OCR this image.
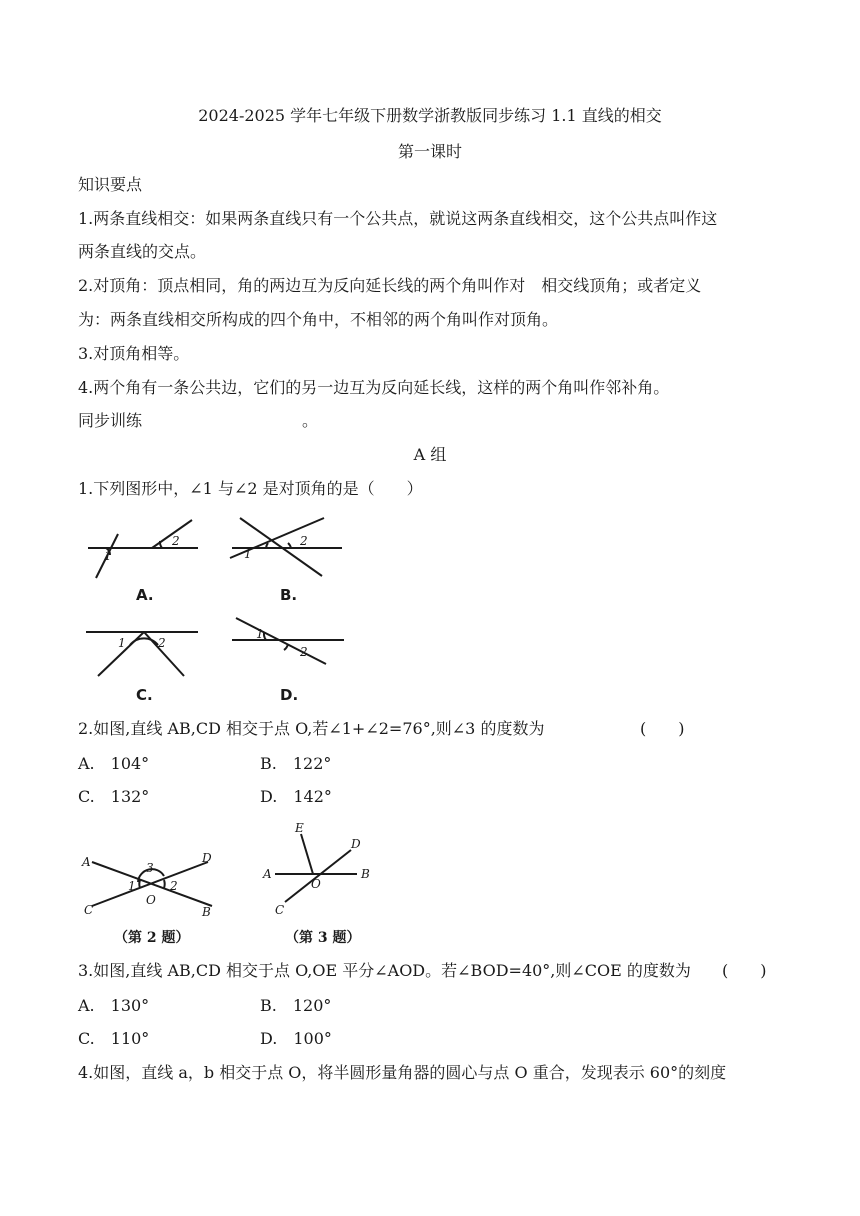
2024-2025 学年七年级下册数学浙教版同步练习 1.1 直线的相交
第一课时
知识要点
1.两条直线相交：如果两条直线只有一个公共点，就说这两条直线相交，这个公共点叫作这
两条直线的交点。
2.对顶角：顶点相同，角的两边互为反向延长线的两个角叫作对　相交线顶角；或者定义
为：两条直线相交所构成的四个角中，不相邻的两个角叫作对顶角。
3.对顶角相等。
4.两个角有一条公共边，它们的另一边互为反向延长线，这样的两个角叫作邻补角。
同步训练	。
A 组
1.下列图形中，∠1 与∠2 是对顶角的是（　　）
1
2
A.
1
2
B.
1	2
C.
1
2
D.
2.如图,直线 AB,CD 相交于点 O,若∠1+∠2=76°,则∠3 的度数为	(　　)
A.　104°	B.　122°
C.　132°	D.　142°
A	D
C	B
O
3
1	2
（第 2 题）
A	B
C
D
E
O
（第 3 题）
3.如图,直线 AB,CD 相交于点 O,OE 平分∠AOD。若∠BOD=40°,则∠COE 的度数为 (　　)
A.　130°	B.　120°
C.　110°	D.　100°
4.如图，直线 a，b 相交于点 O，将半圆形量角器的圆心与点 O 重合，发现表示 60°的刻度
